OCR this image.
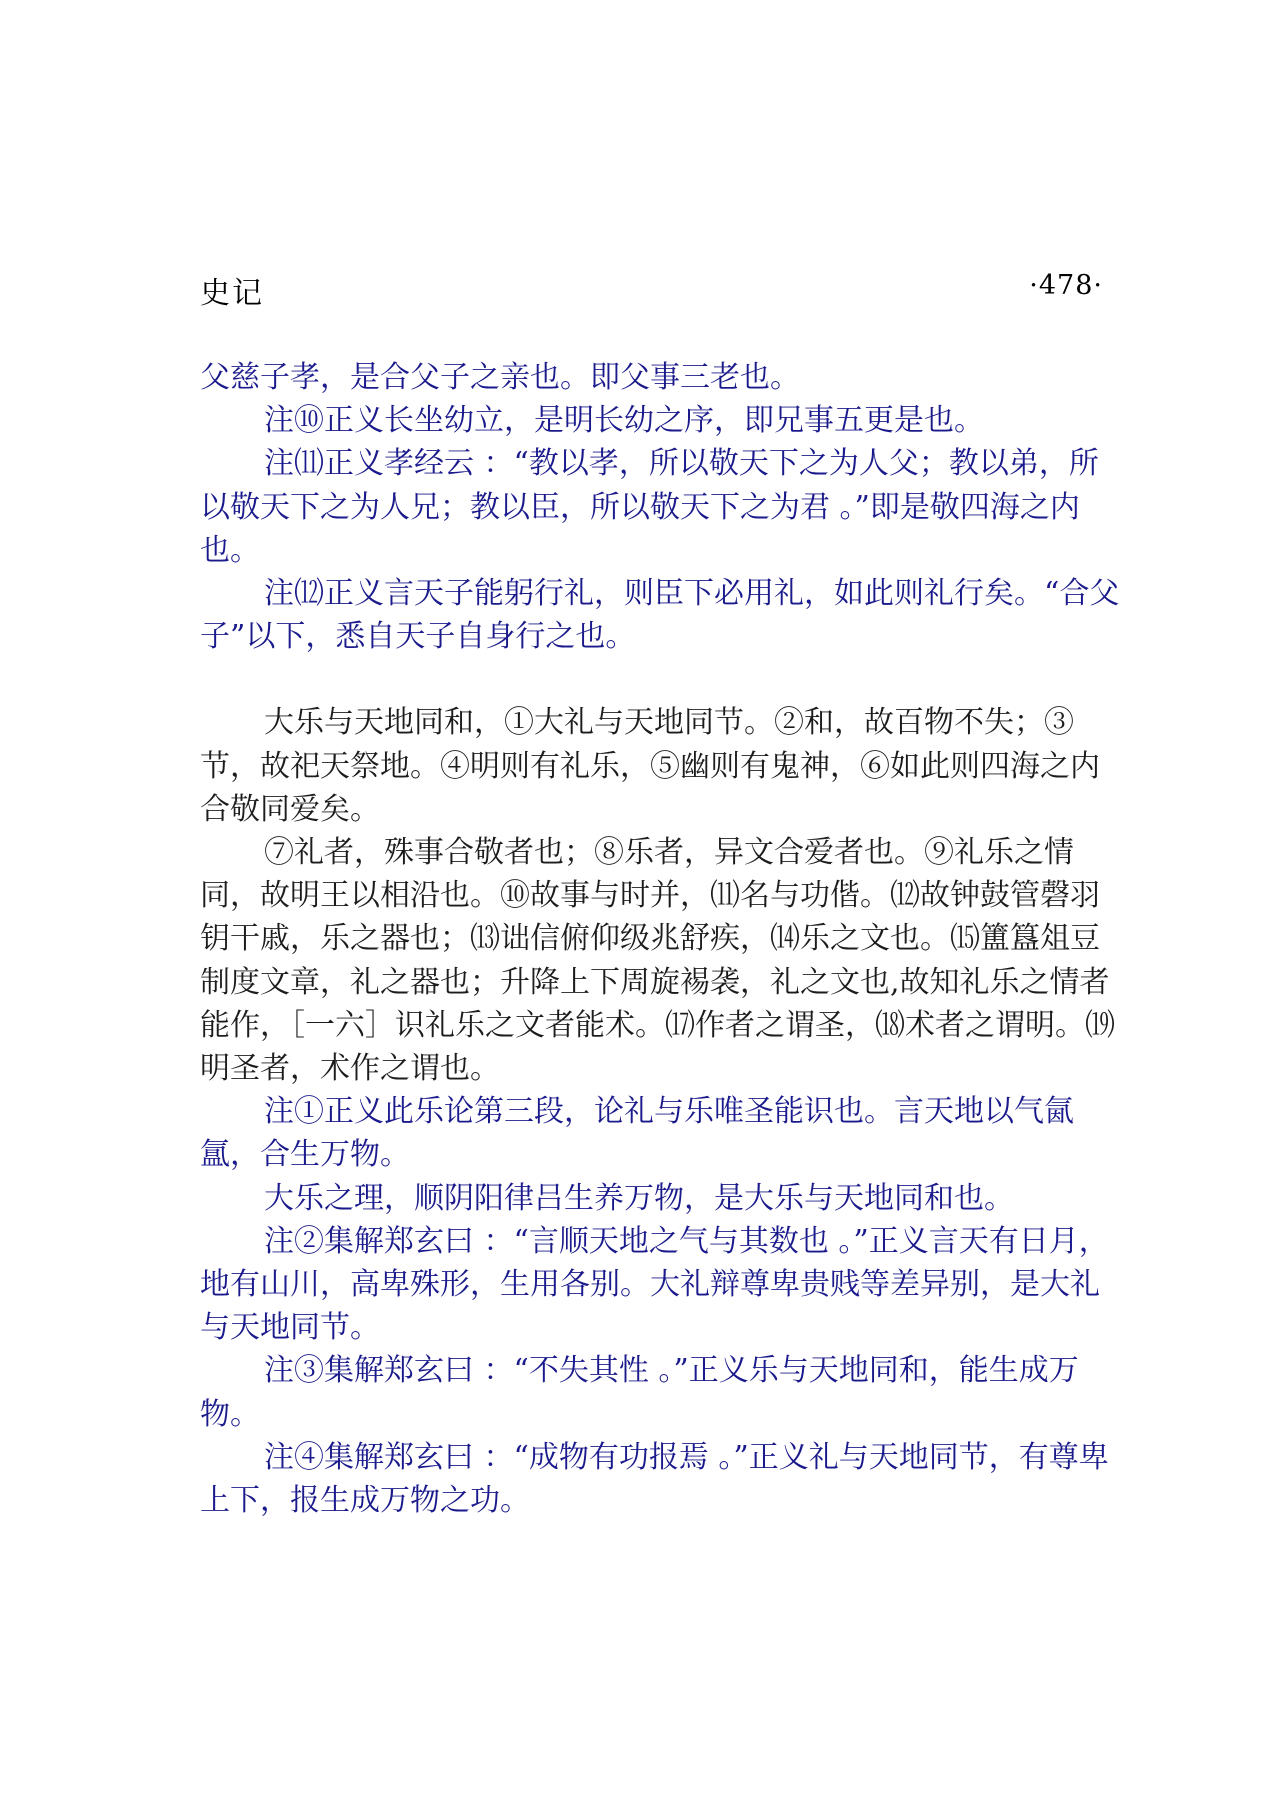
史记	·478·

父慈子孝，是合父子之亲也。即父事三老也。

注⑩正义长坐幼立，是明长幼之序，即兄事五更是也。

注⑾正义孝经云 ：“教以孝，所以敬天下之为人父；教以弟，所以敬天下之为人兄；教以臣，所以敬天下之为君 。”即是敬四海之内也。

注⑿正义言天子能躬行礼，则臣下必用礼，如此则礼行矣。“合父子”以下，悉自天子自身行之也。

大乐与天地同和，①大礼与天地同节。②和，故百物不失；③节，故祀天祭地。④明则有礼乐，⑤幽则有鬼神，⑥如此则四海之内合敬同爱矣。

⑦礼者，殊事合敬者也；⑧乐者，异文合爱者也。⑨礼乐之情同，故明王以相沿也。⑩故事与时并，⑾名与功偕。⑿故钟鼓管磬羽钥干戚，乐之器也；⒀诎信俯仰级兆舒疾，⒁乐之文也。⒂簠簋俎豆制度文章，礼之器也；升降上下周旋裼袭，礼之文也,故知礼乐之情者能作，［一六］识礼乐之文者能术。⒄作者之谓圣，⒅术者之谓明。⒆明圣者，术作之谓也。

注①正义此乐论第三段，论礼与乐唯圣能识也。言天地以气氤氲，合生万物。

大乐之理，顺阴阳律吕生养万物，是大乐与天地同和也。

注②集解郑玄曰 ：“言顺天地之气与其数也 。”正义言天有日月，地有山川，高卑殊形，生用各别。大礼辩尊卑贵贱等差异别，是大礼与天地同节。

注③集解郑玄曰 ：“不失其性 。”正义乐与天地同和，能生成万物。

注④集解郑玄曰 ：“成物有功报焉 。”正义礼与天地同节，有尊卑上下，报生成万物之功。
